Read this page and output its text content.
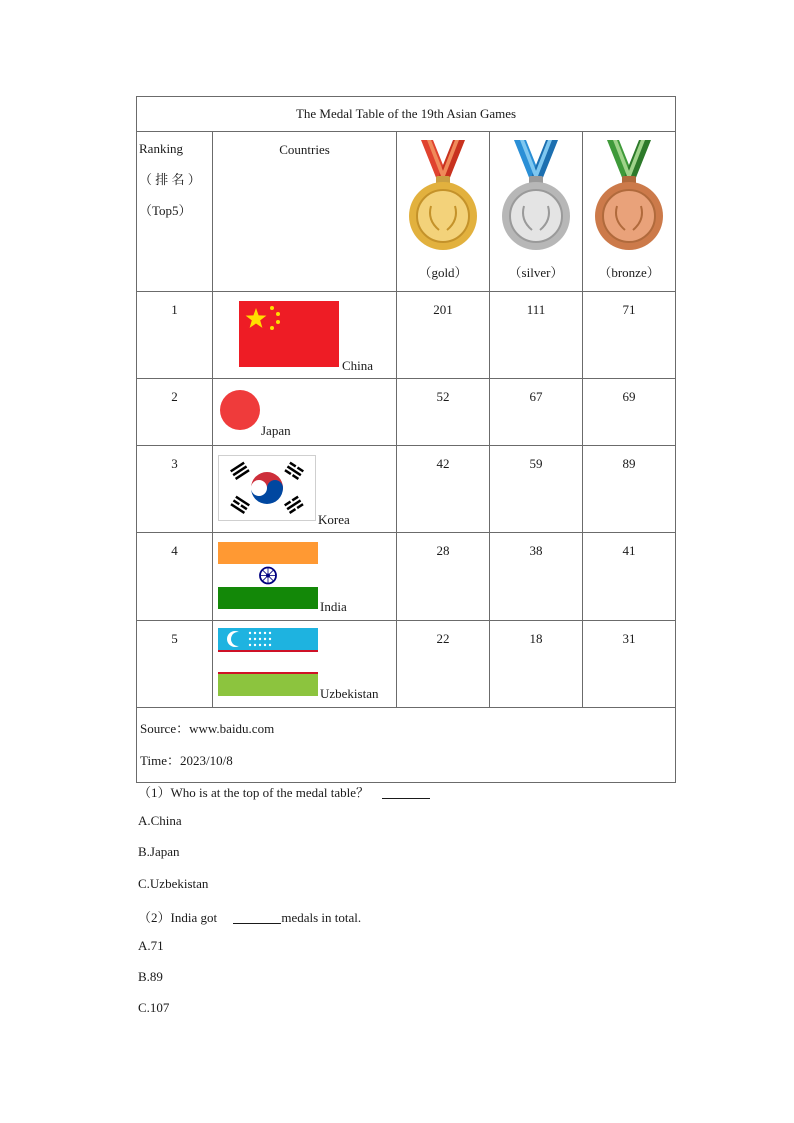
The Medal Table of the 19th Asian Games				

Ranking
（ 排 名 ）
（Top5）	Countries	（gold）	（silver）	（bronze）

1	China	201	111	71
2	Japan	52	67	69
3	Korea	42	59	89
4	India	28	38	41
5	Uzbekistan	22	18	31

Source：www.baidu.com
Time：2023/10/8				
（1）Who is at the top of the medal table？
A.China
B.Japan
C.Uzbekistan
（2）India got	medals in total.
A.71
B.89
C.107
